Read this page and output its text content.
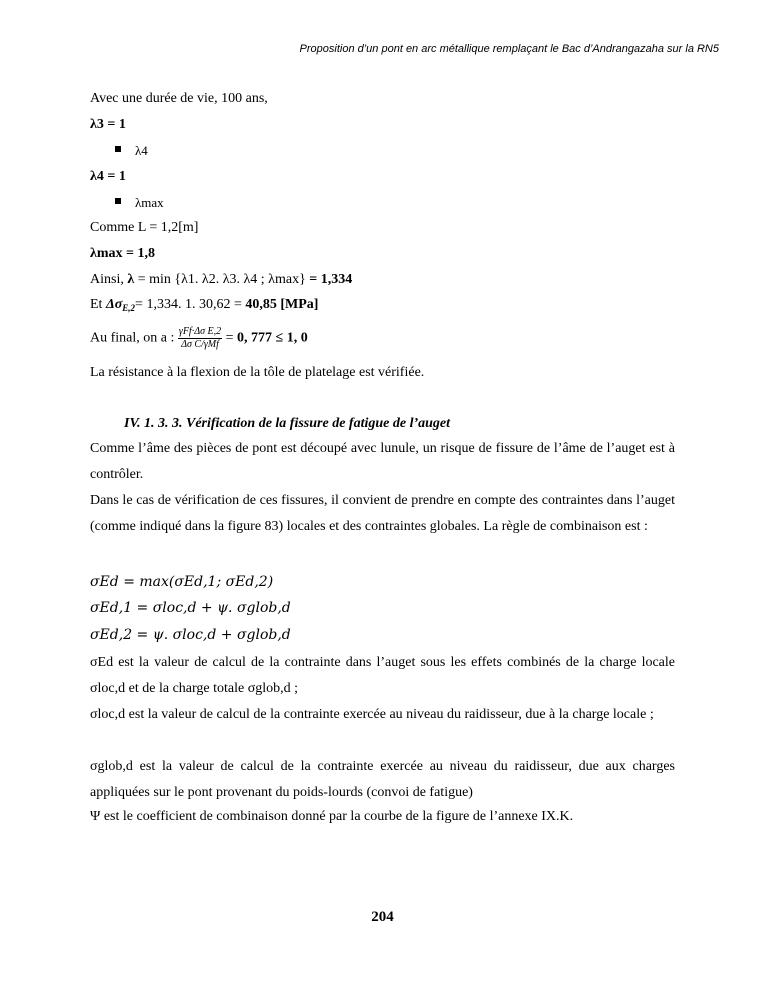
Proposition d’un pont en arc métallique remplaçant le Bac d’Andrangazaha sur la RN5
Avec une durée de vie, 100 ans,
λ3 = 1
λ4
λ4 = 1
λmax
Comme L = 1,2[m]
λmax = 1,8
Ainsi, λ = min {λ1. λ2. λ3. λ4 ; λmax} = 1,334
Et $\Delta\sigma_{E,2}= 1,334$. 1. 30,62 = 40,85 [MPa]
Au final, on a : $\frac{\text{γFf·Δσ E,2}}{\text{Δσ C/γMf}} = 0$, 777 ≤ 1, 0
La résistance à la flexion de la tôle de platelage est vérifiée.
IV. 1. 3. 3. Vérification de la fissure de fatigue de l’auget
Comme l’âme des pièces de pont est découpé avec lunule, un risque de fissure de l’âme de l’auget est à contrôler.
Dans le cas de vérification de ces fissures, il convient de prendre en compte des contraintes dans l’auget (comme indiqué dans la figure 83) locales et des contraintes globales. La règle de combinaison est :
σEd = max(σEd,1; σEd,2)
σEd,1 = σloc,d + ψ. σglob,d
σEd,2 = ψ. σloc,d + σglob,d
σEd est la valeur de calcul de la contrainte dans l’auget sous les effets combinés de la charge locale σloc,d et de la charge totale σglob,d ;
σloc,d est la valeur de calcul de la contrainte exercée au niveau du raidisseur, due à la charge locale ;
σglob,d est la valeur de calcul de la contrainte exercée au niveau du raidisseur, due aux charges appliquées sur le pont provenant du poids-lourds (convoi de fatigue)
Ψ est le coefficient de combinaison donné par la courbe de la figure de l’annexe IX.K.
204
